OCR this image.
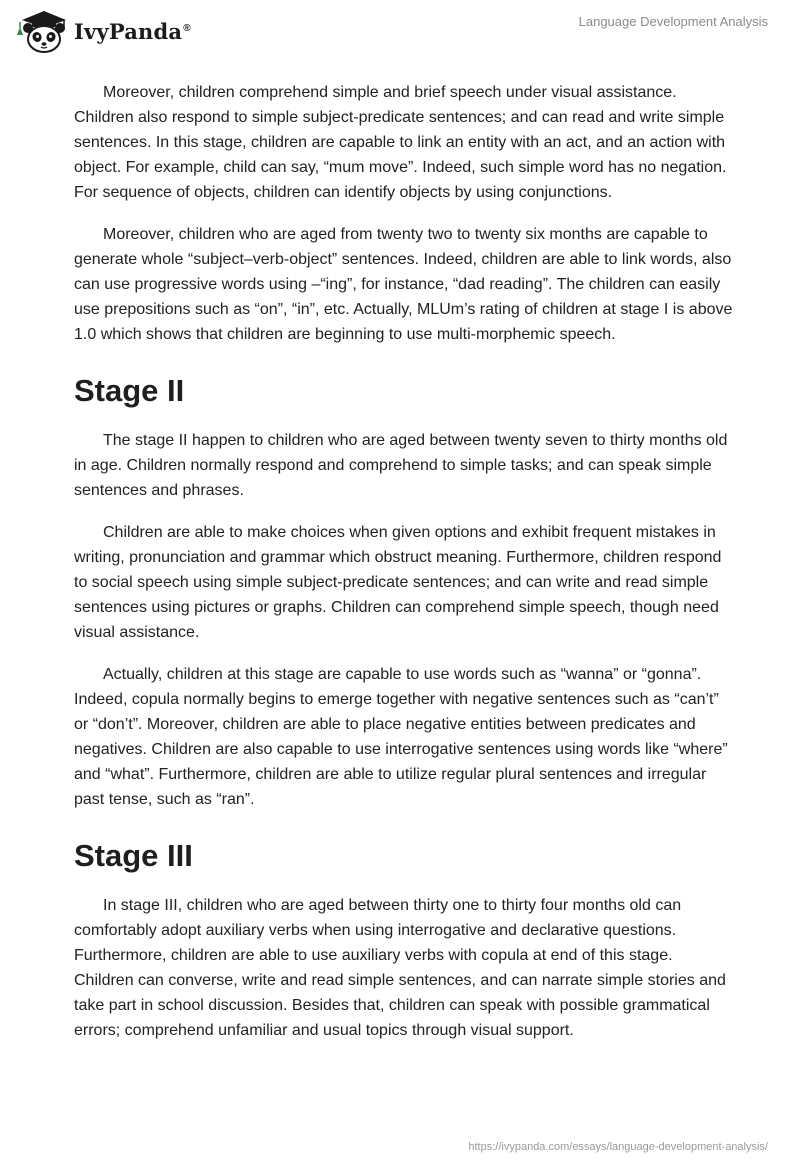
IvyPanda®	Language Development Analysis

Moreover, children comprehend simple and brief speech under visual assistance. Children also respond to simple subject-predicate sentences; and can read and write simple sentences. In this stage, children are capable to link an entity with an act, and an action with object. For example, child can say, “mum move”. Indeed, such simple word has no negation. For sequence of objects, children can identify objects by using conjunctions.

Moreover, children who are aged from twenty two to twenty six months are capable to generate whole “subject–verb-object” sentences. Indeed, children are able to link words, also can use progressive words using –“ing”, for instance, “dad reading”. The children can easily use prepositions such as “on”, “in”, etc. Actually, MLUm’s rating of children at stage I is above 1.0 which shows that children are beginning to use multi-morphemic speech.

Stage II

The stage II happen to children who are aged between twenty seven to thirty months old in age. Children normally respond and comprehend to simple tasks; and can speak simple sentences and phrases.

Children are able to make choices when given options and exhibit frequent mistakes in writing, pronunciation and grammar which obstruct meaning. Furthermore, children respond to social speech using simple subject-predicate sentences; and can write and read simple sentences using pictures or graphs. Children can comprehend simple speech, though need visual assistance.

Actually, children at this stage are capable to use words such as “wanna” or “gonna”. Indeed, copula normally begins to emerge together with negative sentences such as “can’t” or “don’t”. Moreover, children are able to place negative entities between predicates and negatives. Children are also capable to use interrogative sentences using words like “where” and “what”. Furthermore, children are able to utilize regular plural sentences and irregular past tense, such as “ran”.

Stage III

In stage III, children who are aged between thirty one to thirty four months old can comfortably adopt auxiliary verbs when using interrogative and declarative questions. Furthermore, children are able to use auxiliary verbs with copula at end of this stage. Children can converse, write and read simple sentences, and can narrate simple stories and take part in school discussion. Besides that, children can speak with possible grammatical errors; comprehend unfamiliar and usual topics through visual support.

https://ivypanda.com/essays/language-development-analysis/
